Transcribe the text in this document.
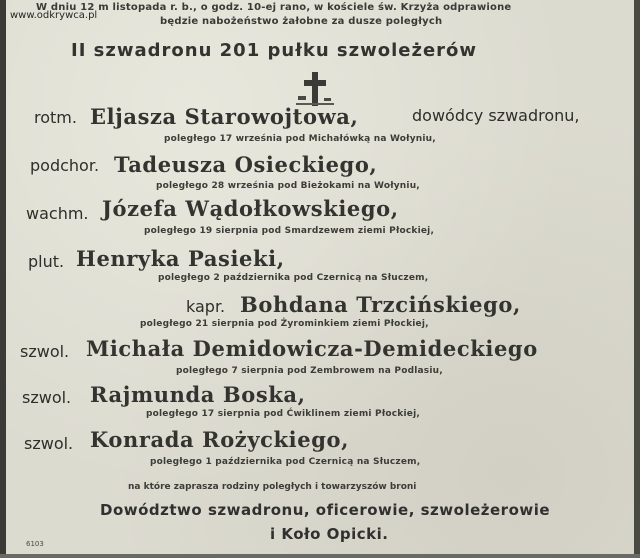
W dniu 12 m listopada r. b., o godz. 10-ej rano, w kościele św. Krzyża odprawione
www.odkrywca.pl
będzie nabożeństwo żałobne za dusze poległych
II szwadronu 201 pułku szwoleżerów
rotm. Eljasza Starowojtowa,	dowódcy szwadronu,
poległego 17 września pod Michałówką na Wołyniu,
podchor. Tadeusza Osieckiego,
poległego 28 września pod Bieżokami na Wołyniu,
wachm. Józefa Wądołkowskiego,
poległego 19 sierpnia pod Smardzewem ziemi Płockiej,
plut. Henryka Pasieki,
poległego 2 października pod Czernicą na Słuczem,
kapr. Bohdana Trzcińskiego,
poległego 21 sierpnia pod Żyrominkiem ziemi Płockiej,
szwol. Michała Demidowicza-Demideckiego
poległego 7 sierpnia pod Zembrowem na Podlasiu,
szwol. Rajmunda Boska,
poległego 17 sierpnia pod Ćwiklinem ziemi Płockiej,
szwol. Konrada Rożyckiego,
poległego 1 października pod Czernicą na Słuczem,
na które zaprasza rodziny poległych i towarzyszów broni
Dowództwo szwadronu, oficerowie, szwoleżerowie
i Koło Opicki.
6103
